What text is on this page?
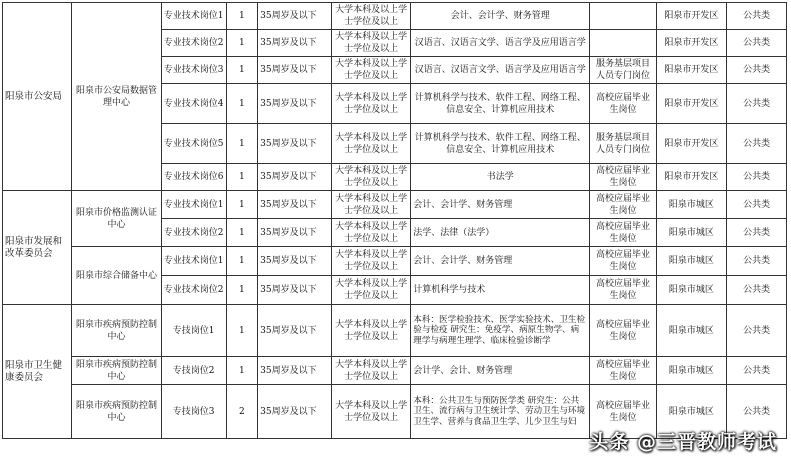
阳泉市公安局	阳泉市公安局数据管理中心	专业技术岗位1	1	35周岁及以下	大学本科及以上学士学位及以上	会计、会计学、财务管理		阳泉市开发区	公共类
		专业技术岗位2	1	35周岁及以下	大学本科及以上学士学位及以上	汉语言、汉语言文学、语言学及应用语言学		阳泉市开发区	公共类
		专业技术岗位3	1	35周岁及以下	大学本科及以上学士学位及以上	汉语言、汉语言文学、语言学及应用语言学	服务基层项目人员专门岗位	阳泉市开发区	公共类
		专业技术岗位4	1	35周岁及以下	大学本科及以上学士学位及以上	计算机科学与技术、软件工程、网络工程、信息安全、计算机应用技术	高校应届毕业生岗位	阳泉市开发区	公共类
		专业技术岗位5	1	35周岁及以下	大学本科及以上学士学位及以上	计算机科学与技术、软件工程、网络工程、信息安全、计算机应用技术	服务基层项目人员专门岗位	阳泉市开发区	公共类
		专业技术岗位6	1	35周岁及以下	大学本科及以上学士学位及以上	书法学	高校应届毕业生岗位	阳泉市开发区	公共类
阳泉市发展和改革委员会	阳泉市价格监测认证中心	专业技术岗位1	1	35周岁及以下	大学本科及以上学士学位及以上	会计、会计学、财务管理	高校应届毕业生岗位	阳泉市城区	公共类
		专业技术岗位2	1	35周岁及以下	大学本科及以上学士学位及以上	法学、法律（法学）	高校应届毕业生岗位	阳泉市城区	公共类
	阳泉市综合储备中心	专业技术岗位1	1	35周岁及以下	大学本科及以上学士学位及以上	会计、会计学、财务管理	高校应届毕业生岗位	阳泉市城区	公共类
		专业技术岗位2	1	35周岁及以下	大学本科及以上学士学位及以上	计算机科学与技术	高校应届毕业生岗位	阳泉市城区	公共类
阳泉市卫生健康委员会	阳泉市疾病预防控制中心	专技岗位1	1	35周岁及以下	大学本科及以上学士学位及以上	本科：医学检验技术、医学实验技术、卫生检验与检疫 研究生：免疫学、病原生物学、病理学与病理生理学、临床检验诊断学	高校应届毕业生岗位	阳泉市城区	公共类
	阳泉市疾病预防控制中心	专技岗位2	1	35周岁及以下	大学本科及以上学士学位及以上	会计学、会计、财务管理	高校应届毕业生岗位	阳泉市城区	公共类
	阳泉市疾病预防控制中心	专技岗位3	2	35周岁及以下	大学本科及以上学士学位及以上	本科：公共卫生与预防医学类 研究生：公共卫生、流行病与卫生统计学、劳动卫生与环境卫生学、营养与食品卫生学、儿少卫生与妇	高校应届毕业生岗位	阳泉市城区	公共类
头条 @三晋教师考试
